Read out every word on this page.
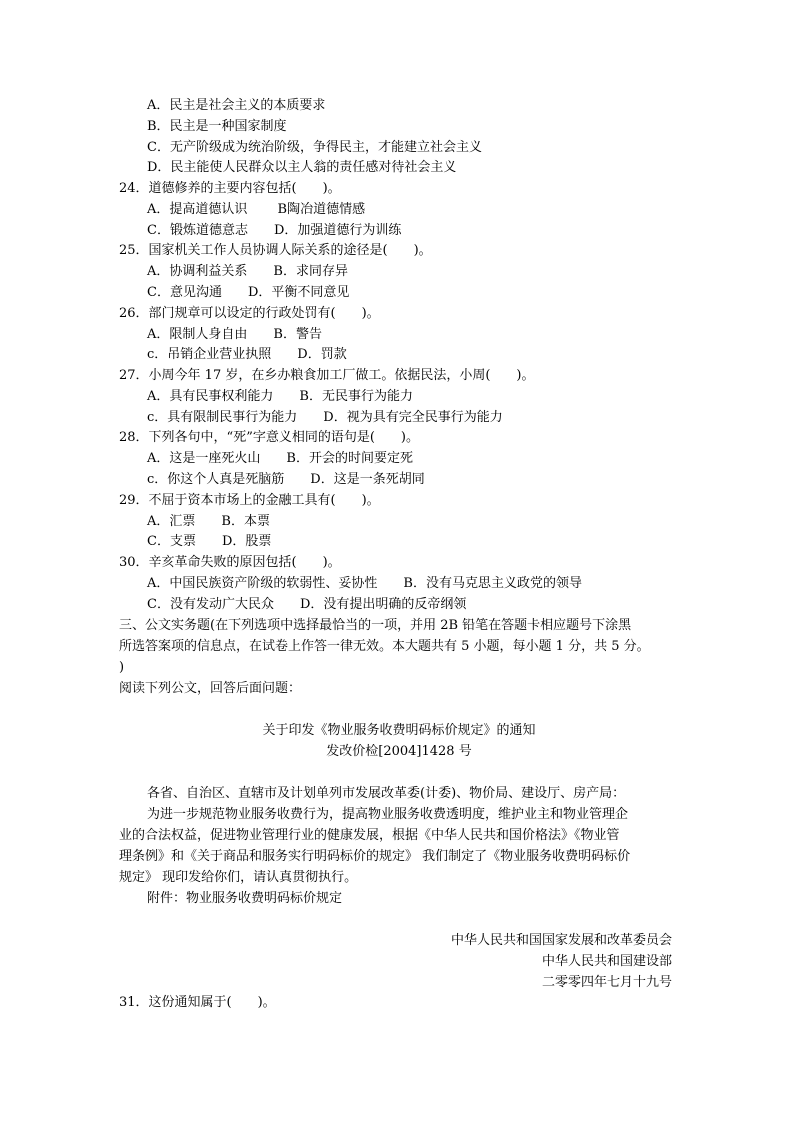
A．民主是社会主义的本质要求
B．民主是一种国家制度
C．无产阶级成为统治阶级，争得民主，才能建立社会主义
D．民主能使人民群众以主人翁的责任感对待社会主义
24．道德修养的主要内容包括(　　)。
A．提高道德认识　　 B陶冶道德情感
C．锻炼道德意志　　D．加强道德行为训练
25．国家机关工作人员协调人际关系的途径是(　　)。
A．协调利益关系　　B．求同存异
C．意见沟通　　D．平衡不同意见
26．部门规章可以设定的行政处罚有(　　)。
A．限制人身自由　　B．警告
c．吊销企业营业执照　　D．罚款
27．小周今年 17 岁，在乡办粮食加工厂做工。依据民法，小周(　　)。
A．具有民事权利能力　　B．无民事行为能力
c．具有限制民事行为能力　　D．视为具有完全民事行为能力
28．下列各句中，“死”字意义相同的语句是(　　)。
A．这是一座死火山　　B．开会的时间要定死
c．你这个人真是死脑筋　　D．这是一条死胡同
29．不屈于资本市场上的金融工具有(　　)。
A．汇票　　B．本票
C．支票　　D．股票
30．辛亥革命失败的原因包括(　　)。
A．中国民族资产阶级的软弱性、妥协性　　B．没有马克思主义政党的领导
C．没有发动广大民众　　D．没有提出明确的反帝纲领
三、公文实务题(在下列选项中选择最恰当的一项，并用 2B 铅笔在答题卡相应题号下涂黑
所选答案项的信息点，在试卷上作答一律无效。本大题共有 5 小题，每小题 1 分，共 5 分。
)
阅读下列公文，回答后面问题：
关于印发《物业服务收费明码标价规定》的通知
发改价检[2004]1428 号
各省、自治区、直辖市及计划单列市发展改革委(计委)、物价局、建设厅、房产局：
为进一步规范物业服务收费行为，提高物业服务收费透明度，维护业主和物业管理企
业的合法权益，促进物业管理行业的健康发展，根据《中华人民共和国价格法》《物业管
理条例》和《关于商品和服务实行明码标价的规定》 我们制定了《物业服务收费明码标价
规定》 现印发给你们，请认真贯彻执行。
附件：物业服务收费明码标价规定
中华人民共和国国家发展和改革委员会
中华人民共和国建设部
二零零四年七月十九号
31．这份通知属于(　　)。
